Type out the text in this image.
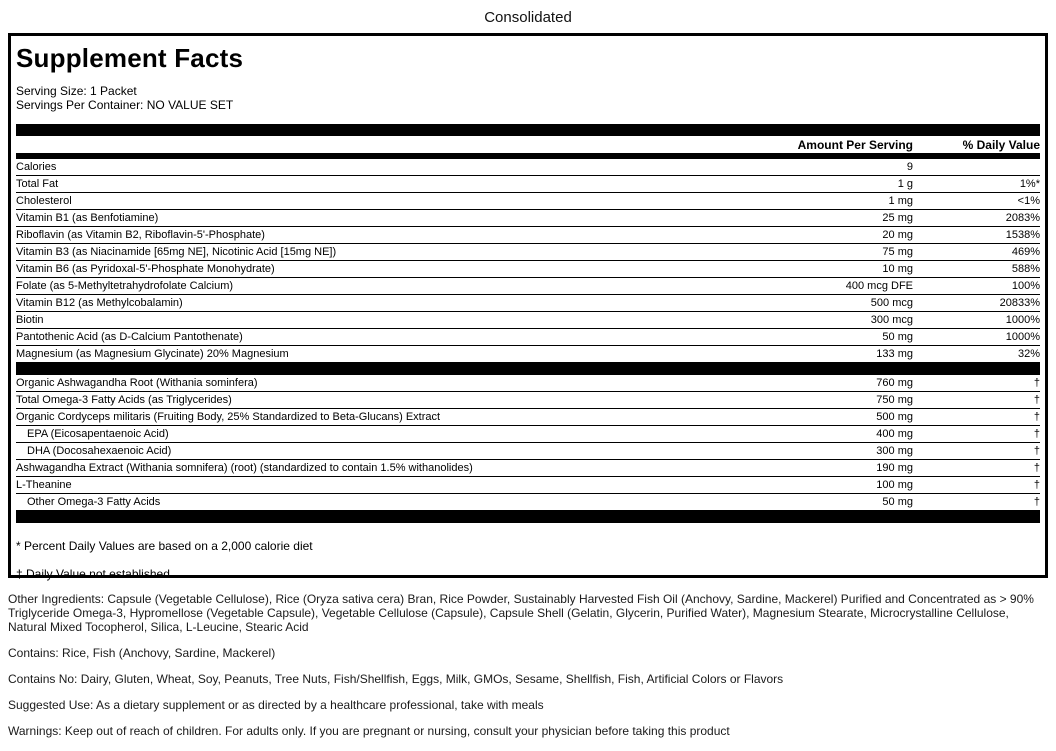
Consolidated
Supplement Facts
Serving Size: 1 Packet
Servings Per Container: NO VALUE SET
Amount Per Serving	% Daily Value
Calories	9
Total Fat	1 g	1%*
Cholesterol	1 mg	<1%
Vitamin B1 (as Benfotiamine)	25 mg	2083%
Riboflavin (as Vitamin B2, Riboflavin-5'-Phosphate)	20 mg	1538%
Vitamin B3 (as Niacinamide [65mg NE], Nicotinic Acid [15mg NE])	75 mg	469%
Vitamin B6 (as Pyridoxal-5'-Phosphate Monohydrate)	10 mg	588%
Folate (as 5-Methyltetrahydrofolate Calcium)	400 mcg DFE	100%
Vitamin B12 (as Methylcobalamin)	500 mcg	20833%
Biotin	300 mcg	1000%
Pantothenic Acid (as D-Calcium Pantothenate)	50 mg	1000%
Magnesium (as Magnesium Glycinate) 20% Magnesium	133 mg	32%
Organic Ashwagandha Root (Withania sominfera)	760 mg	†
Total Omega-3 Fatty Acids (as Triglycerides)	750 mg	†
Organic Cordyceps militaris (Fruiting Body, 25% Standardized to Beta-Glucans) Extract	500 mg	†
EPA (Eicosapentaenoic Acid)	400 mg	†
DHA (Docosahexaenoic Acid)	300 mg	†
Ashwagandha Extract (Withania somnifera) (root) (standardized to contain 1.5% withanolides)	190 mg	†
L-Theanine	100 mg	†
Other Omega-3 Fatty Acids	50 mg	†
* Percent Daily Values are based on a 2,000 calorie diet
† Daily Value not established

Other Ingredients: Capsule (Vegetable Cellulose), Rice (Oryza sativa cera) Bran, Rice Powder, Sustainably Harvested Fish Oil (Anchovy, Sardine, Mackerel) Purified and Concentrated as > 90% Triglyceride Omega-3, Hypromellose (Vegetable Capsule), Vegetable Cellulose (Capsule), Capsule Shell (Gelatin, Glycerin, Purified Water), Magnesium Stearate, Microcrystalline Cellulose, Natural Mixed Tocopherol, Silica, L-Leucine, Stearic Acid

Contains: Rice, Fish (Anchovy, Sardine, Mackerel)

Contains No: Dairy, Gluten, Wheat, Soy, Peanuts, Tree Nuts, Fish/Shellfish, Eggs, Milk, GMOs, Sesame, Shellfish, Fish, Artificial Colors or Flavors

Suggested Use: As a dietary supplement or as directed by a healthcare professional, take with meals

Warnings: Keep out of reach of children. For adults only. If you are pregnant or nursing, consult your physician before taking this product
